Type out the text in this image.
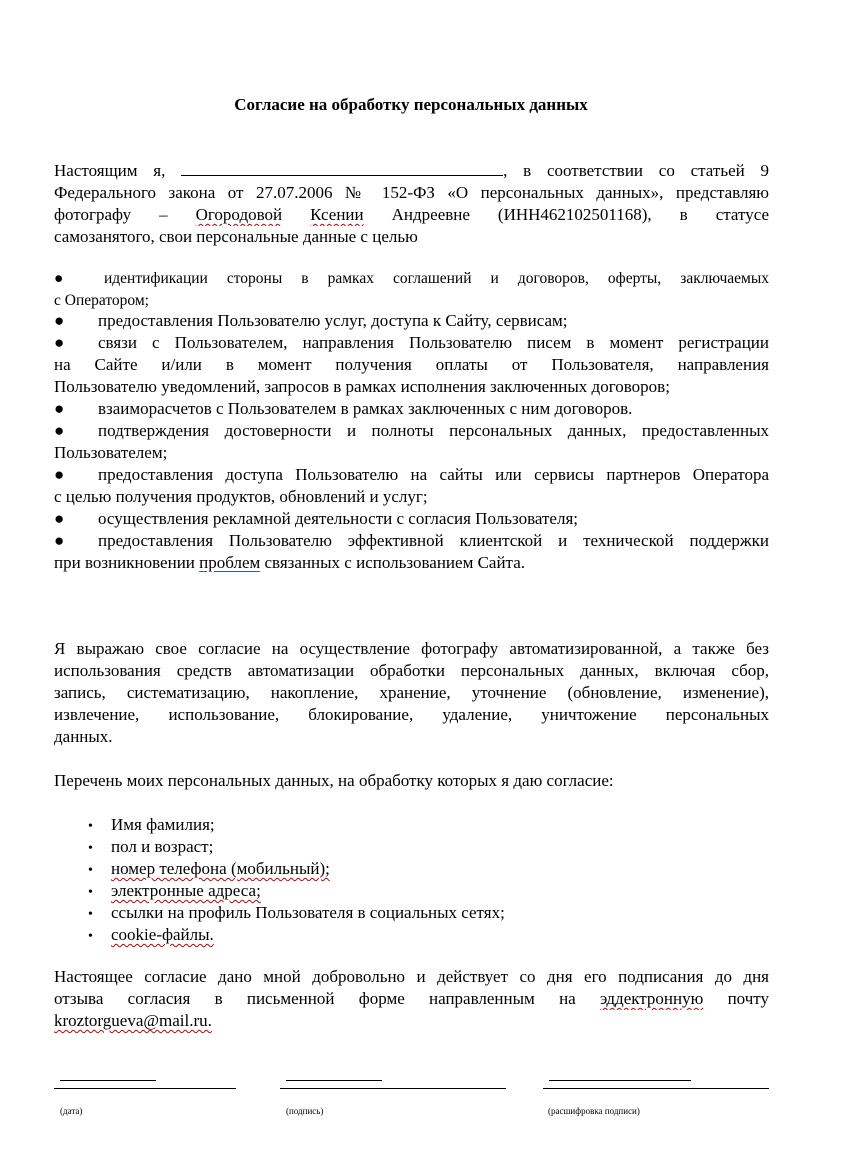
Согласие на обработку персональных данных
Настоящим я,	, в соответствии со статьей 9
Федерального закона от 27.07.2006 № 152-ФЗ «О персональных данных», представляю
фотографу – Огородовой Ксении Андреевне (ИНН462102501168), в статусе
самозанятого, свои персональные данные с целью
●	идентификации стороны в рамках соглашений и договоров, оферты, заключаемых
с Оператором;
● предоставления Пользователю услуг, доступа к Сайту, сервисам;
● связи с Пользователем, направления Пользователю писем в момент регистрации
на Сайте и/или в момент получения оплаты от Пользователя, направления
Пользователю уведомлений, запросов в рамках исполнения заключенных договоров;
● взаиморасчетов с Пользователем в рамках заключенных с ним договоров.
● подтверждения достоверности и полноты персональных данных, предоставленных
Пользователем;
● предоставления доступа Пользователю на сайты или сервисы партнеров Оператора
с целью получения продуктов, обновлений и услуг;
● осуществления рекламной деятельности с согласия Пользователя;
● предоставления Пользователю эффективной клиентской и технической поддержки
при возникновении проблем связанных с использованием Сайта.
Я выражаю свое согласие на осуществление фотографу автоматизированной, а также без
использования средств автоматизации обработки персональных данных, включая сбор,
запись, систематизацию, накопление, хранение, уточнение (обновление, изменение),
извлечение, использование, блокирование, удаление, уничтожение персональных
данных.
Перечень моих персональных данных, на обработку которых я даю согласие:
• Имя фамилия;
• пол и возраст;
• номер телефона (мобильный);
• электронные адреса;
• ссылки на профиль Пользователя в социальных сетях;
• cookie-файлы.
Настоящее согласие дано мной добровольно и действует со дня его подписания до дня
отзыва согласия в письменной форме направленным на эддектронную почту
kroztorgueva@mail.ru.
(дата)	(подпись)	(расшифровка подписи)
